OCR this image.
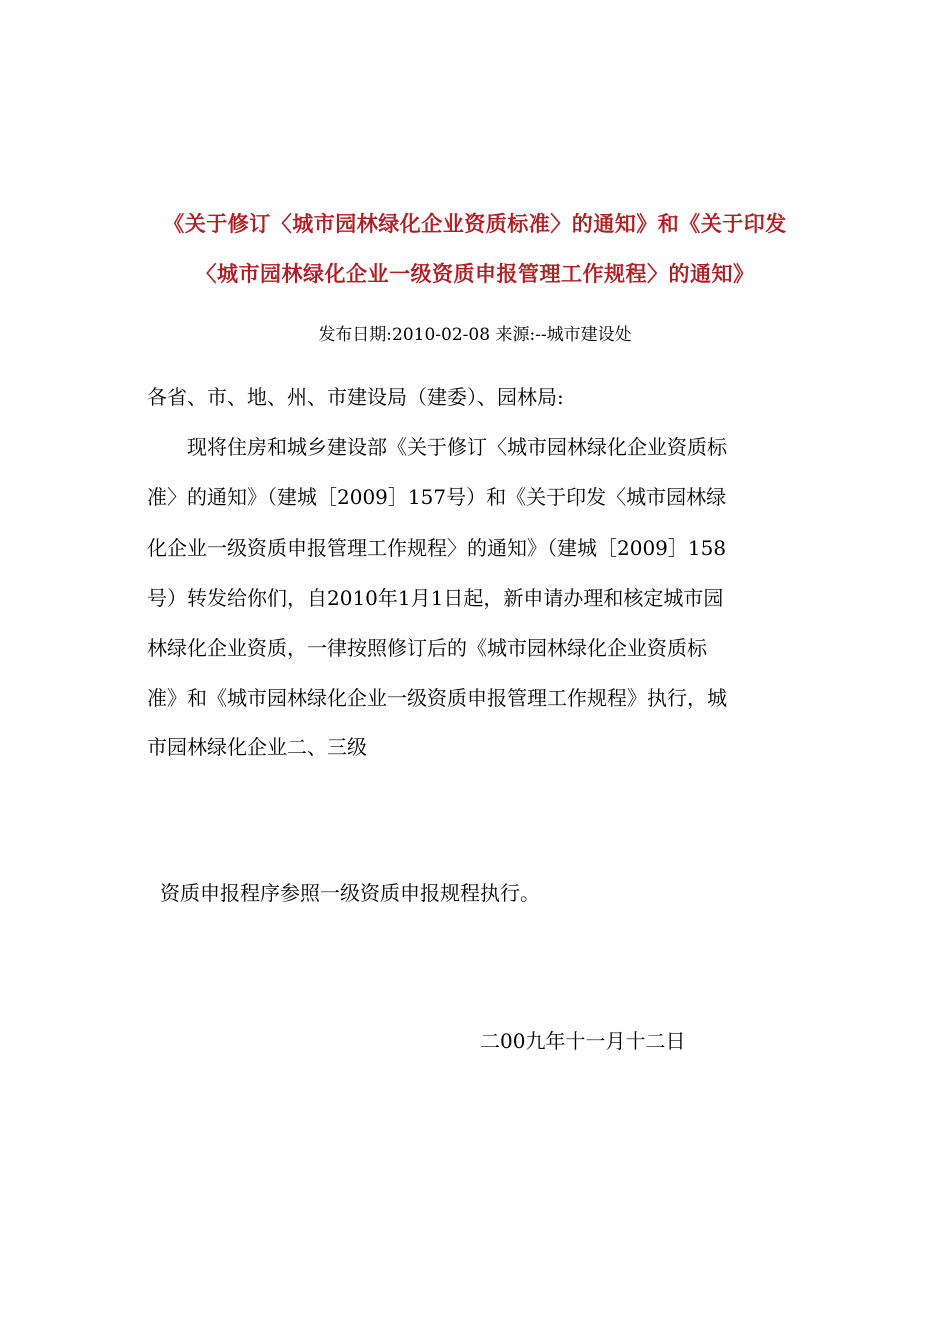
《关于修订〈城市园林绿化企业资质标准〉的通知》和《关于印发
〈城市园林绿化企业一级资质申报管理工作规程〉的通知》
发布日期:2010-02-08 来源:--城市建设处
各省、市、地、州、市建设局（建委）、园林局:
　　现将住房和城乡建设部《关于修订〈城市园林绿化企业资质标
准〉的通知》（建城［2009］157号）和《关于印发〈城市园林绿
化企业一级资质申报管理工作规程〉的通知》（建城［2009］158
号）转发给你们，自2010年1月1日起，新申请办理和核定城市园
林绿化企业资质，一律按照修订后的《城市园林绿化企业资质标
准》和《城市园林绿化企业一级资质申报管理工作规程》执行，城
市园林绿化企业二、三级
资质申报程序参照一级资质申报规程执行。
二00九年十一月十二日
